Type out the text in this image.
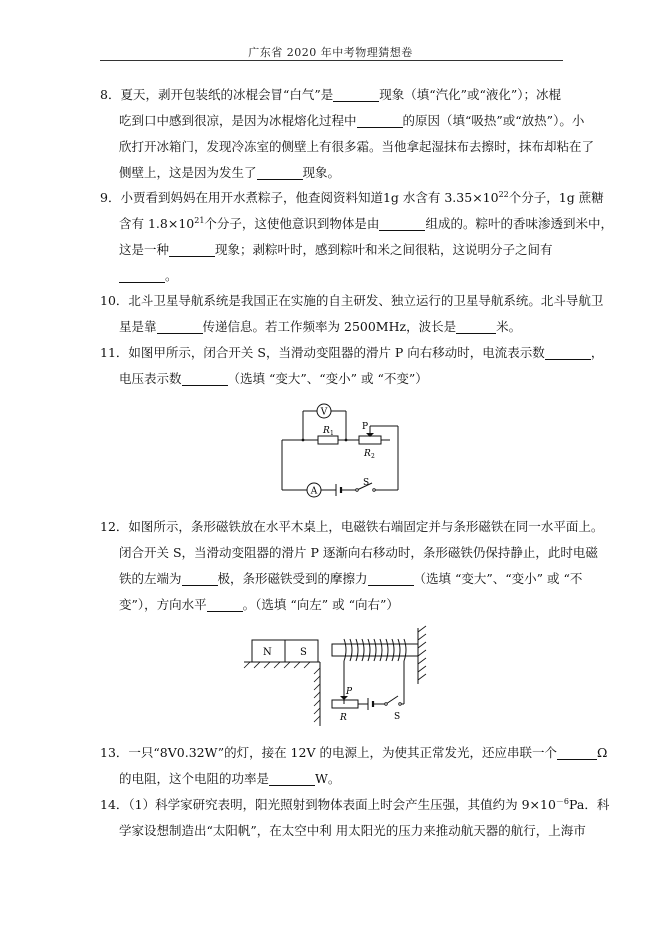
广东省 2020 年中考物理猜想卷
8．夏天，剥开包装纸的冰棍会冒“白气”是	现象（填“汽化”或“液化”）；冰棍
吃到口中感到很凉，是因为冰棍熔化过程中	的原因（填“吸热”或“放热”）。小
欣打开冰箱门，发现冷冻室的侧壁上有很多霜。当他拿起湿抹布去擦时，抹布却粘在了
侧壁上，这是因为发生了	现象。
9．小贾看到妈妈在用开水煮粽子，他查阅资料知道1g 水含有 $3.35\times 10^{22}$个分子，1g 蔗糖
含有 $1.8\times 10^{21}$个分子，这使他意识到物体是由	组成的。粽叶的香味渗透到米中，
这是一种	现象；剥粽叶时，感到粽叶和米之间很粘，这说明分子之间有
。
10．北斗卫星导航系统是我国正在实施的自主研发、独立运行的卫星导航系统。北斗导航卫
星是靠	传递信息。若工作频率为 2500MHz，波长是	米。
11．如图甲所示，闭合开关 S，当滑动变阻器的滑片 P 向右移动时，电流表示数	，
电压表示数	（选填 “变大”、“变小” 或 “不变”）
V
A
R 1
R 2
P
S
12．如图所示，条形磁铁放在水平木桌上，电磁铁右端固定并与条形磁铁在同一水平面上。
闭合开关 S，当滑动变阻器的滑片 P 逐渐向右移动时，条形磁铁仍保持静止，此时电磁
铁的左端为	极，条形磁铁受到的摩擦力	（选填 “变大”、“变小” 或 “不
变”），方向水平	。（选填 “向左” 或 “向右”）
N	S
P
R	S
13．一只“8V0.32W”的灯，接在 12V 的电源上，为使其正常发光，还应串联一个	Ω
的电阻，这个电阻的功率是	W。
14．（1）科学家研究表明，阳光照射到物体表面上时会产生压强，其值约为 $9\times 10^{-6}Pa$．科
学家设想制造出“太阳帆”，在太空中利 用太阳光的压力来推动航天器的航行，上海市
